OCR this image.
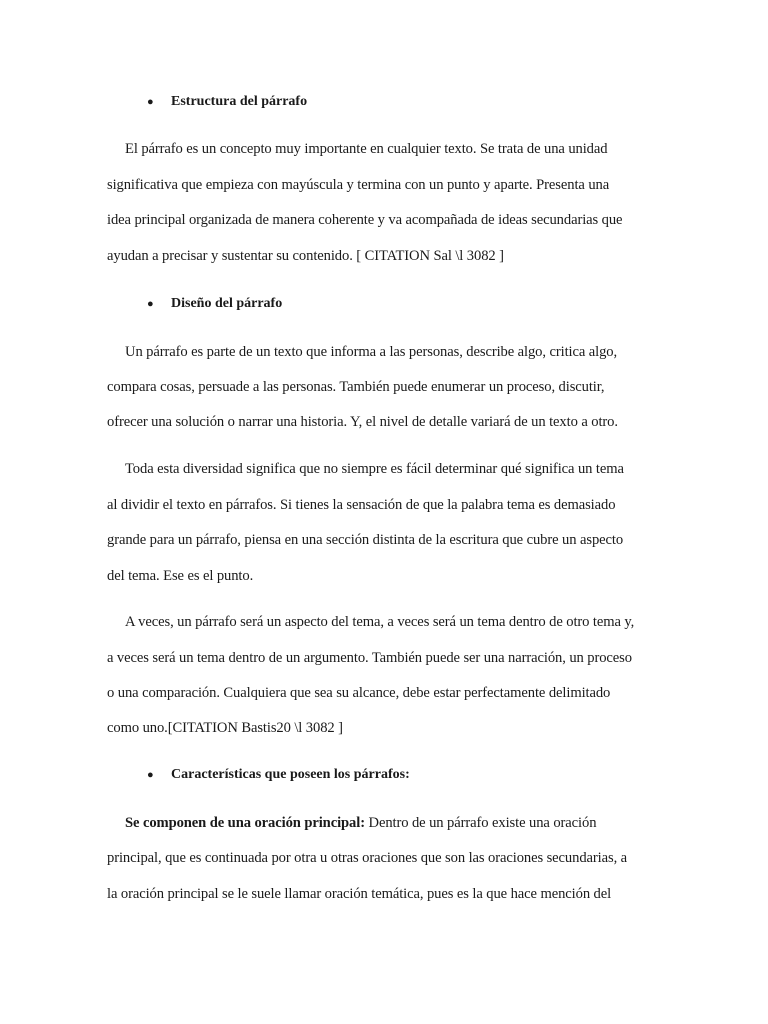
● Estructura del párrafo
El párrafo es un concepto muy importante en cualquier texto. Se trata de una unidad
significativa que empieza con mayúscula y termina con un punto y aparte. Presenta una
idea principal organizada de manera coherente y va acompañada de ideas secundarias que
ayudan a precisar y sustentar su contenido. [ CITATION Sal \l 3082 ]
● Diseño del párrafo
Un párrafo es parte de un texto que informa a las personas, describe algo, critica algo,
compara cosas, persuade a las personas. También puede enumerar un proceso, discutir,
ofrecer una solución o narrar una historia. Y, el nivel de detalle variará de un texto a otro.
Toda esta diversidad significa que no siempre es fácil determinar qué significa un tema
al dividir el texto en párrafos. Si tienes la sensación de que la palabra tema es demasiado
grande para un párrafo, piensa en una sección distinta de la escritura que cubre un aspecto
del tema. Ese es el punto.
A veces, un párrafo será un aspecto del tema, a veces será un tema dentro de otro tema y,
a veces será un tema dentro de un argumento. También puede ser una narración, un proceso
o una comparación. Cualquiera que sea su alcance, debe estar perfectamente delimitado
como uno.[CITATION Bastis20 \l 3082 ]
● Características que poseen los párrafos:
Se componen de una oración principal: Dentro de un párrafo existe una oración
principal, que es continuada por otra u otras oraciones que son las oraciones secundarias, a
la oración principal se le suele llamar oración temática, pues es la que hace mención del
